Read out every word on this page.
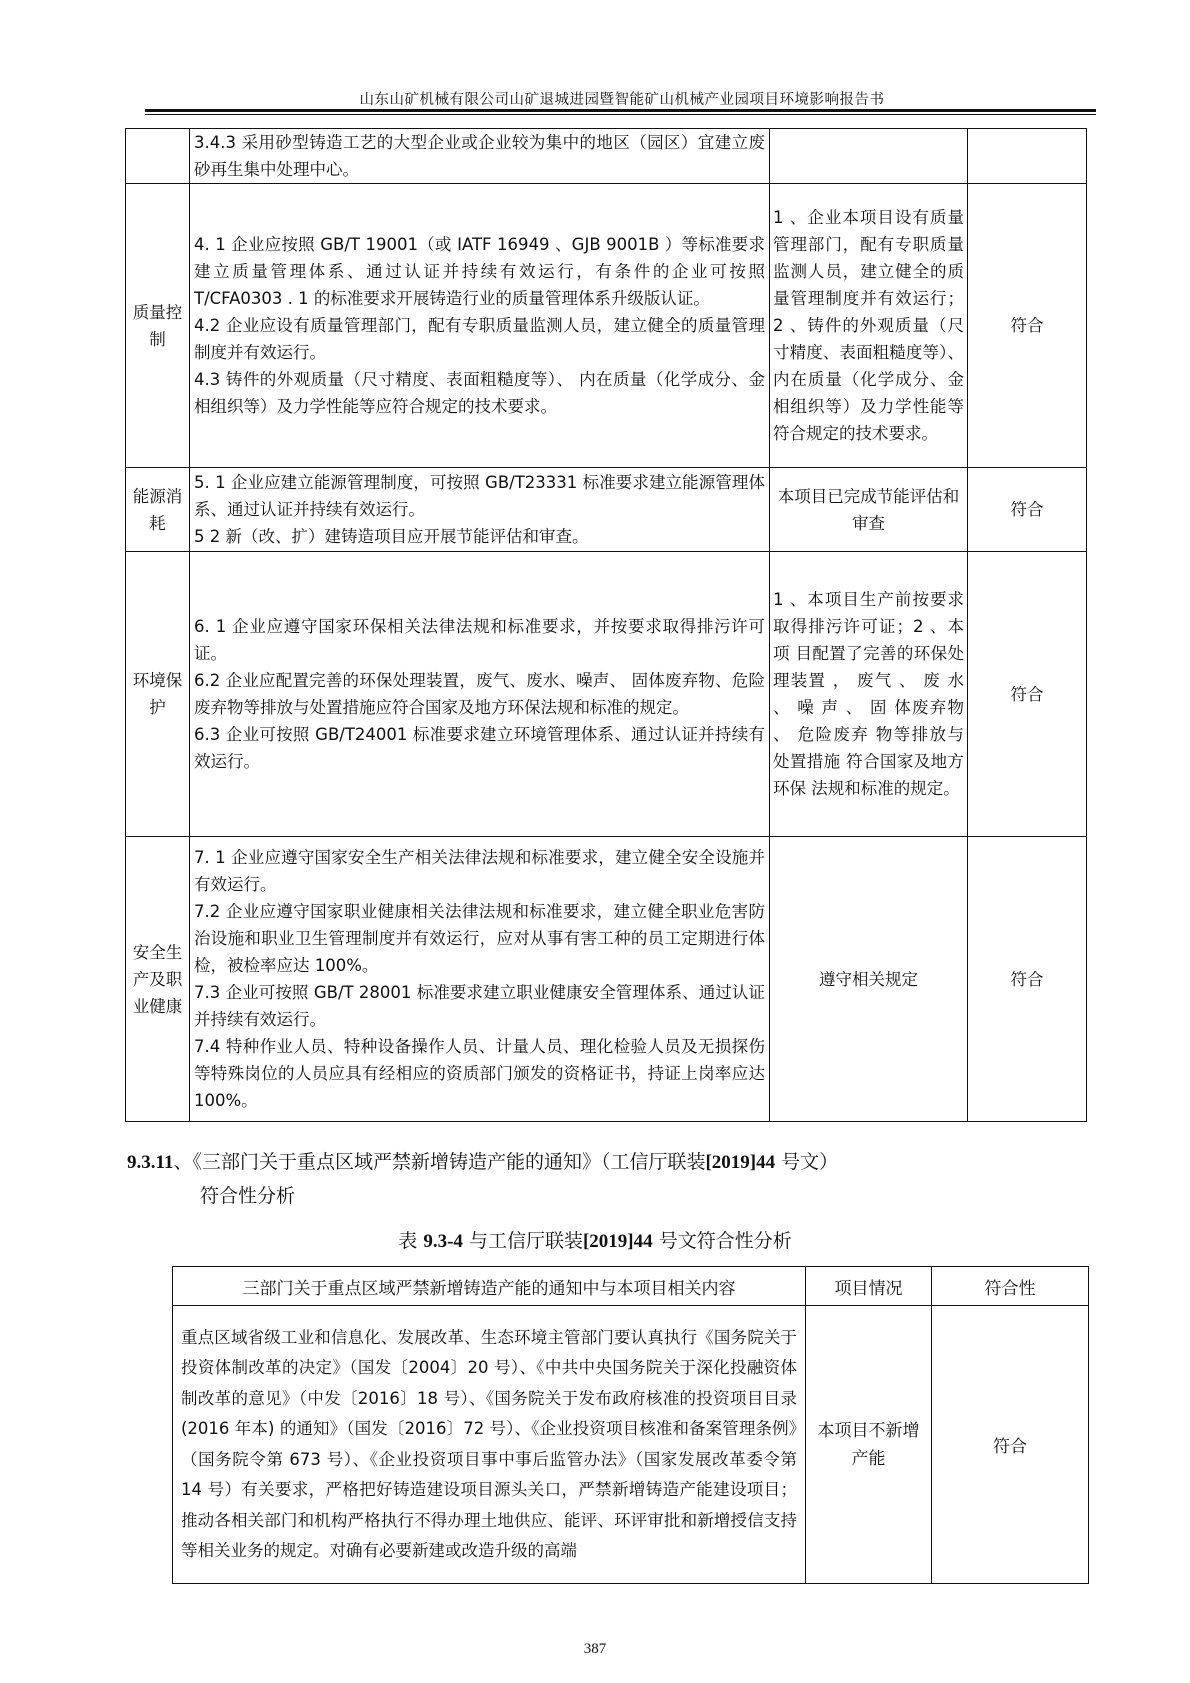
山东山矿机械有限公司山矿退城进园暨智能矿山机械产业园项目环境影响报告书

	3.4.3 采用砂型铸造工艺的大型企业或企业较为集中的地区（园区）宜建立废砂再生集中处理中心。		

质量控制	4. 1 企业应按照 GB/T 19001（或 IATF 16949 、GJB 9001B ）等标准要求建立质量管理体系、通过认证并持续有效运行，有条件的企业可按照 T/CFA0303 . 1 的标准要求开展铸造行业的质量管理体系升级版认证。

4.2 企业应设有质量管理部门，配有专职质量监测人员，建立健全的质量管理制度并有效运行。

4.3 铸件的外观质量（尺寸精度、表面粗糙度等）、 内在质量（化学成分、金相组织等）及力学性能等应符合规定的技术要求。	1 、企业本项目设有质量管理部门，配有专职质量监测人员，建立健全的质量管理制度并有效运行；2 、铸件的外观质量（尺寸精度、表面粗糙度等）、 内在质量（化学成分、金相组织等）及力学性能等符合规定的技术要求。	符合
能源消耗	5. 1 企业应建立能源管理制度，可按照 GB/T23331 标准要求建立能源管理体系、通过认证并持续有效运行。

5 2 新（改、扩）建铸造项目应开展节能评估和审查。	本项目已完成节能评估和审查	符合
环境保护	6. 1 企业应遵守国家环保相关法律法规和标准要求，并按要求取得排污许可证。

6.2 企业应配置完善的环保处理装置，废气、废水、噪声、 固体废弃物、危险废弃物等排放与处置措施应符合国家及地方环保法规和标准的规定。

6.3 企业可按照 GB/T24001 标准要求建立环境管理体系、通过认证并持续有效运行。	1 、本项目生产前按要求取得排污许可证；2 、本项 目配置了完善的环保处理装置 ， 废气 、 废 水 、 噪 声 、 固 体废弃物 、 危险废弃 物等排放与处置措施 符合国家及地方环保 法规和标准的规定。	符合
安全生产及职业健康	7. 1 企业应遵守国家安全生产相关法律法规和标准要求，建立健全安全设施并有效运行。

7.2 企业应遵守国家职业健康相关法律法规和标准要求，建立健全职业危害防治设施和职业卫生管理制度并有效运行，应对从事有害工种的员工定期进行体检，被检率应达 100%。

7.3 企业可按照 GB/T 28001 标准要求建立职业健康安全管理体系、通过认证并持续有效运行。

7.4 特种作业人员、特种设备操作人员、计量人员、理化检验人员及无损探伤等特殊岗位的人员应具有经相应的资质部门颁发的资格证书，持证上岗率应达 100%。	遵守相关规定	符合
9.3.11、《三部门关于重点区域严禁新增铸造产能的通知》（工信厅联装[2019]44 号文）
符合性分析
表 9.3-4 与工信厅联装[2019]44 号文符合性分析
三部门关于重点区域严禁新增铸造产能的通知中与本项目相关内容	项目情况	符合性
重点区域省级工业和信息化、发展改革、生态环境主管部门要认真执行《国务院关于投资体制改革的决定》（国发〔2004〕20 号）、《中共中央国务院关于深化投融资体制改革的意见》（中发〔2016〕18 号）、《国务院关于发布政府核准的投资项目目录 (2016 年本) 的通知》（国发〔2016〕72 号）、《企业投资项目核准和备案管理条例》（国务院令第 673 号）、《企业投资项目事中事后监管办法》（国家发展改革委令第 14 号）有关要求，严格把好铸造建设项目源头关口，严禁新增铸造产能建设项目；推动各相关部门和机构严格执行不得办理土地供应、能评、环评审批和新增授信支持等相关业务的规定。对确有必要新建或改造升级的高端	本项目不新增产能	符合
387
